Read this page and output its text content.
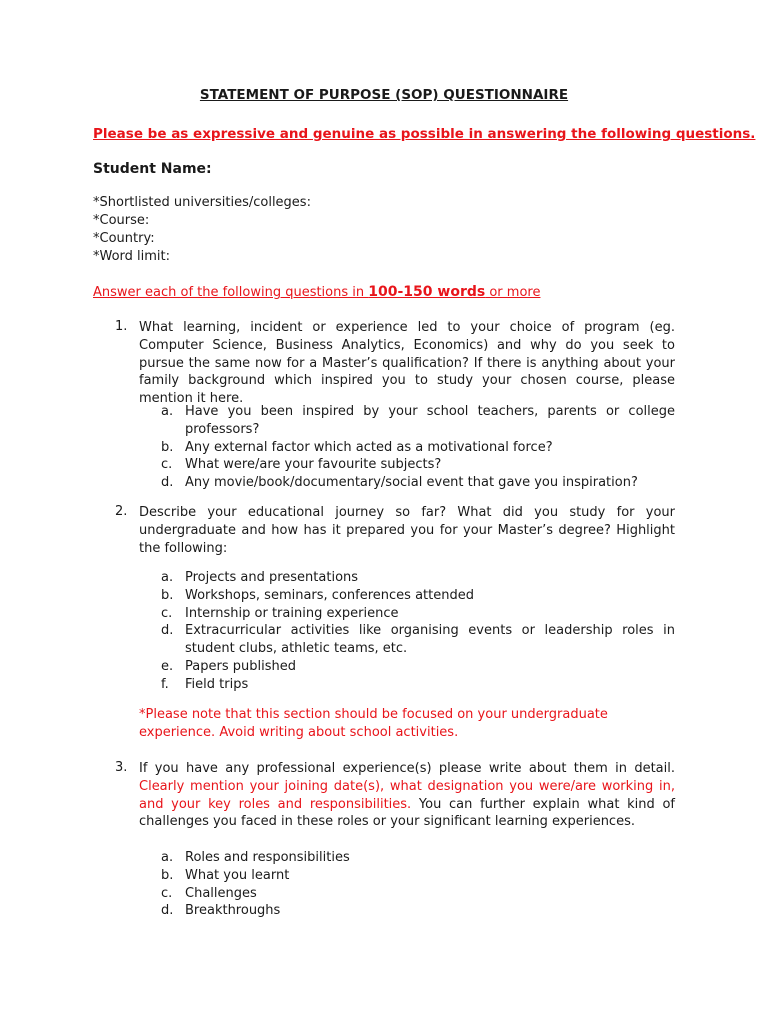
STATEMENT OF PURPOSE (SOP) QUESTIONNAIRE
Please be as expressive and genuine as possible in answering the following questions.
Student Name:
*Shortlisted universities/colleges:
*Course:
*Country:
*Word limit:
Answer each of the following questions in 100-150 words or more
1. What learning, incident or experience led to your choice of program (eg. Computer Science, Business Analytics, Economics) and why do you seek to pursue the same now for a Master’s qualification? If there is anything about your family background which inspired you to study your chosen course, please mention it here.
a. Have you been inspired by your school teachers, parents or college professors?
b. Any external factor which acted as a motivational force?
c. What were/are your favourite subjects?
d. Any movie/book/documentary/social event that gave you inspiration?
2. Describe your educational journey so far? What did you study for your undergraduate and how has it prepared you for your Master’s degree? Highlight the following:
a. Projects and presentations
b. Workshops, seminars, conferences attended
c. Internship or training experience
d. Extracurricular activities like organising events or leadership roles in student clubs, athletic teams, etc.
e. Papers published
f. Field trips
*Please note that this section should be focused on your undergraduate experience. Avoid writing about school activities.
3. If you have any professional experience(s) please write about them in detail. Clearly mention your joining date(s), what designation you were/are working in, and your key roles and responsibilities. You can further explain what kind of challenges you faced in these roles or your significant learning experiences.
a. Roles and responsibilities
b. What you learnt
c. Challenges
d. Breakthroughs
